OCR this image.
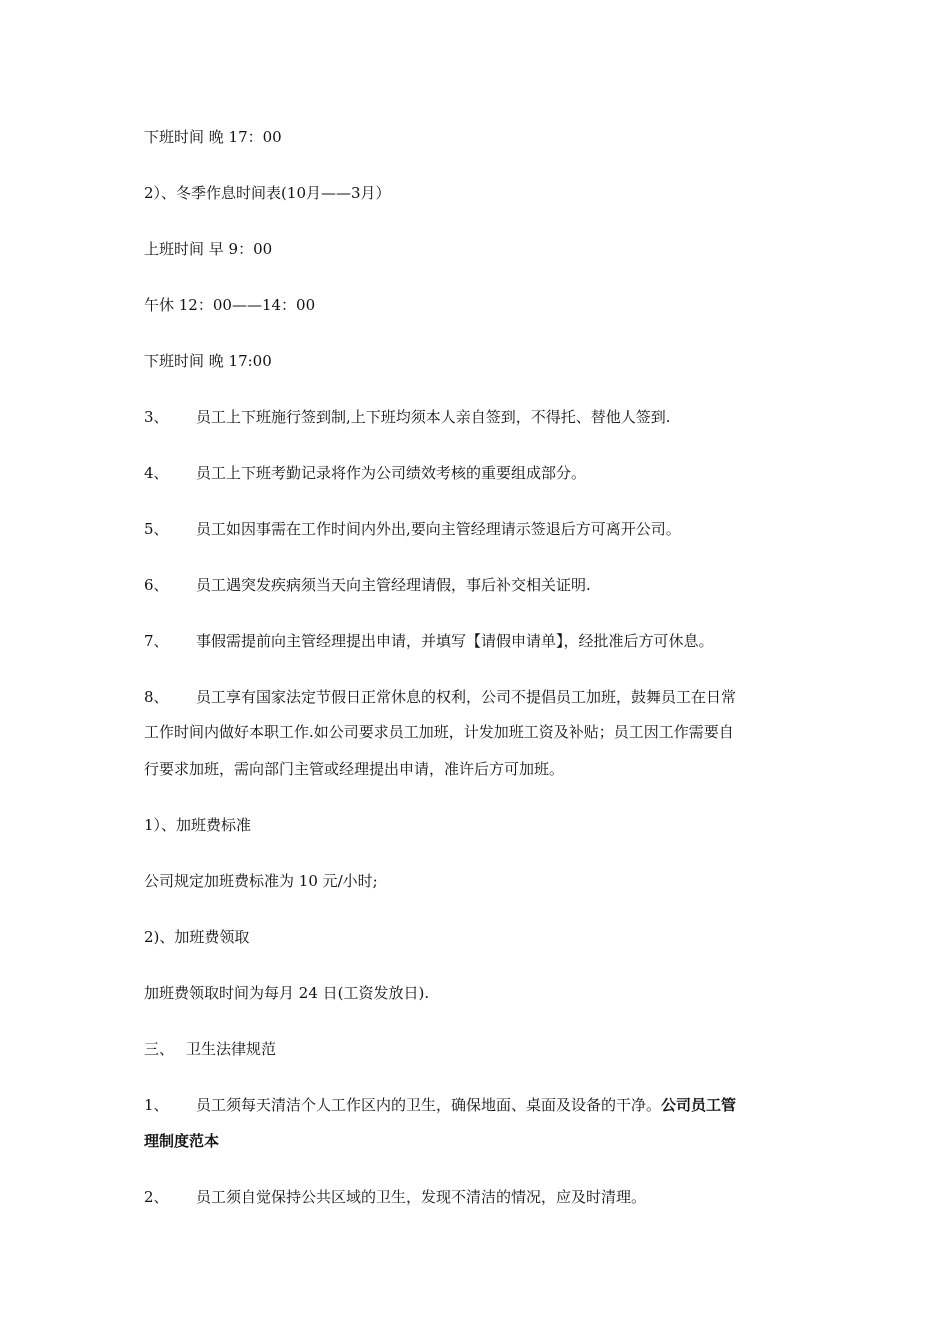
下班时间 晚 17：00
2）、冬季作息时间表(10月——3月）
上班时间 早 9：00
午休 12：00——14：00
下班时间 晚 17:00
3、 员工上下班施行签到制,上下班均须本人亲自签到，不得托、替他人签到.
4、 员工上下班考勤记录将作为公司绩效考核的重要组成部分。
5、 员工如因事需在工作时间内外出,要向主管经理请示签退后方可离开公司。
6、 员工遇突发疾病须当天向主管经理请假，事后补交相关证明.
7、 事假需提前向主管经理提出申请，并填写【请假申请单】，经批准后方可休息。
8、 员工享有国家法定节假日正常休息的权利，公司不提倡员工加班，鼓舞员工在日常
工作时间内做好本职工作.如公司要求员工加班，计发加班工资及补贴；员工因工作需要自
行要求加班，需向部门主管或经理提出申请，准许后方可加班。
1）、加班费标准
公司规定加班费标准为 10 元/小时;
2)、加班费领取
加班费领取时间为每月 24 日(工资发放日).
三、 卫生法律规范
1、 员工须每天清洁个人工作区内的卫生，确保地面、桌面及设备的干净。公司员工管
理制度范本
2、 员工须自觉保持公共区域的卫生，发现不清洁的情况，应及时清理。
